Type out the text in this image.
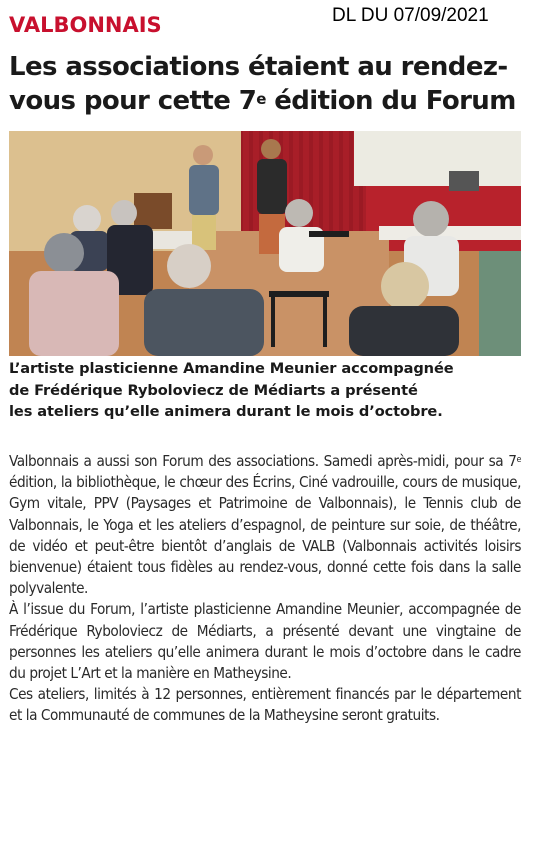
VALBONNAIS	DL DU 07/09/2021
Les associations étaient au rendez-
vous pour cette 7e édition du Forum
L’artiste plasticienne Amandine Meunier accompagnée
de Frédérique Ryboloviecz de Médiarts a présenté
les ateliers qu’elle animera durant le mois d’octobre.

Valbonnais a aussi son Forum des associations. Samedi après-midi, pour sa 7e édition, la bibliothèque, le chœur des Écrins, Ciné vadrouille, cours de musique, Gym vitale, PPV (Paysages et Patrimoine de Valbonnais), le Tennis club de Valbonnais, le Yoga et les ateliers d’espagnol, de peinture sur soie, de théâtre, de vidéo et peut-être bientôt d’anglais de VALB (Valbonnais activités loisirs bienvenue) étaient tous fidèles au rendez-vous, donné cette fois dans la salle polyvalente.

À l’issue du Forum, l’artiste plasticienne Amandine Meunier, accompagnée de Frédérique Ryboloviecz de Médiarts, a présenté devant une vingtaine de personnes les ateliers qu’elle animera durant le mois d’octobre dans le cadre du projet L’Art et la manière en Matheysine.

Ces ateliers, limités à 12 personnes, entièrement financés par le département et la Communauté de communes de la Matheysine seront gratuits.
